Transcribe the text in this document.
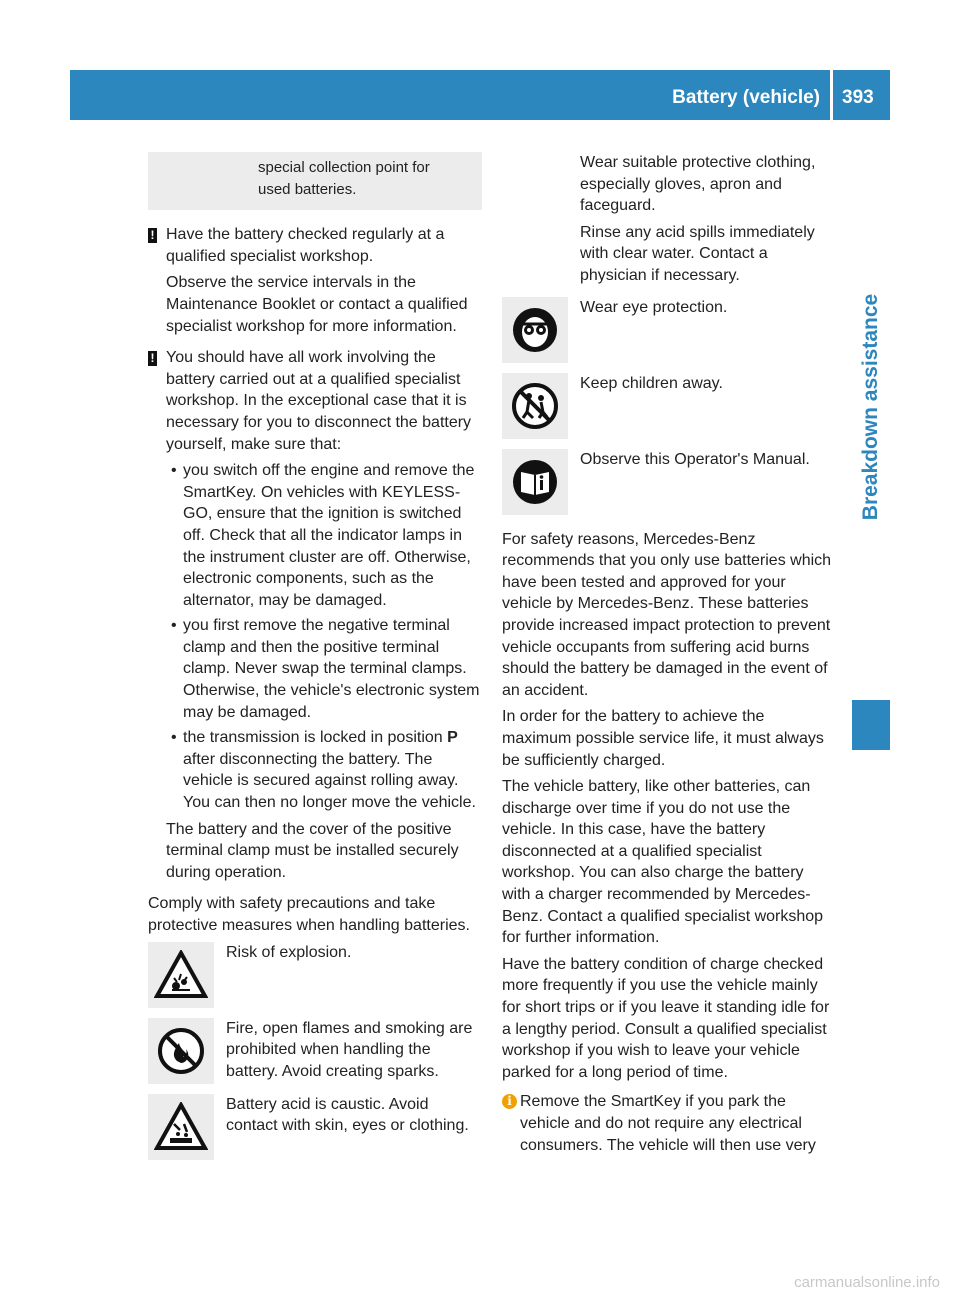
Battery (vehicle) 393
Breakdown assistance

special collection point for

used batteries.

! Have the battery checked regularly at a qualified specialist workshop.

Observe the service intervals in the Maintenance Booklet or contact a qualified specialist workshop for more information.

! You should have all work involving the battery carried out at a qualified specialist workshop. In the exceptional case that it is necessary for you to disconnect the battery yourself, make sure that:

• you switch off the engine and remove the SmartKey. On vehicles with KEYLESS-GO, ensure that the ignition is switched off. Check that all the indicator lamps in the instrument cluster are off. Otherwise, electronic components, such as the alternator, may be damaged.
• you first remove the negative terminal clamp and then the positive terminal clamp. Never swap the terminal clamps. Otherwise, the vehicle's electronic system may be damaged.
• the transmission is locked in position P after disconnecting the battery. The vehicle is secured against rolling away. You can then no longer move the vehicle.

The battery and the cover of the positive terminal clamp must be installed securely during operation.

Comply with safety precautions and take protective measures when handling batteries.

Risk of explosion.

Fire, open flames and smoking are prohibited when handling the battery. Avoid creating sparks.

Battery acid is caustic. Avoid contact with skin, eyes or clothing.

Wear suitable protective clothing, especially gloves, apron and faceguard.

Rinse any acid spills immediately with clear water. Contact a physician if necessary.

Wear eye protection.

Keep children away.

Observe this Operator's Manual.

For safety reasons, Mercedes-Benz recommends that you only use batteries which have been tested and approved for your vehicle by Mercedes-Benz. These batteries provide increased impact protection to prevent vehicle occupants from suffering acid burns should the battery be damaged in the event of an accident.

In order for the battery to achieve the maximum possible service life, it must always be sufficiently charged.

The vehicle battery, like other batteries, can discharge over time if you do not use the vehicle. In this case, have the battery disconnected at a qualified specialist workshop. You can also charge the battery with a charger recommended by Mercedes-Benz. Contact a qualified specialist workshop for further information.

Have the battery condition of charge checked more frequently if you use the vehicle mainly for short trips or if you leave it standing idle for a lengthy period. Consult a qualified specialist workshop if you wish to leave your vehicle parked for a long period of time.

i Remove the SmartKey if you park the vehicle and do not require any electrical consumers. The vehicle will then use very

carmanualsonline.info
